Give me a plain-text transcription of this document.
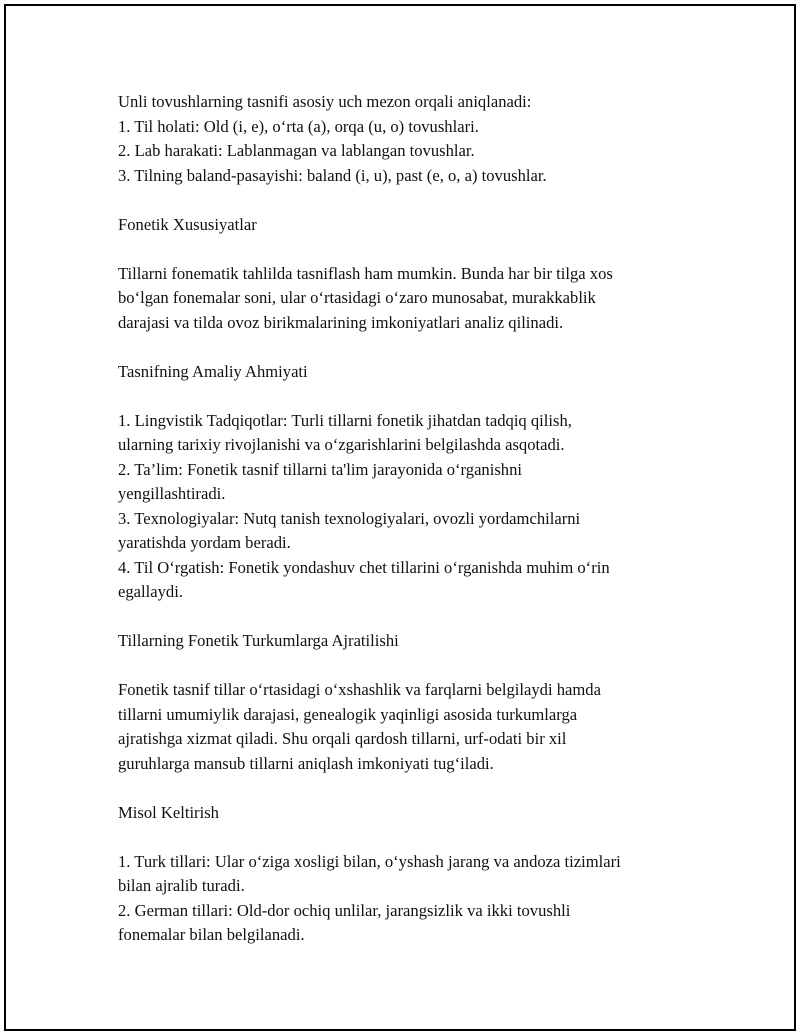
Unli tovushlarning tasnifi asosiy uch mezon orqali aniqlanadi:
1. Til holati: Old (i, e), o‘rta (a), orqa (u, o) tovushlari.
2. Lab harakati: Lablanmagan va lablangan tovushlar.
3. Tilning baland-pasayishi: baland (i, u), past (e, o, a) tovushlar.
Fonetik Xususiyatlar
Tillarni fonematik tahlilda tasniflash ham mumkin. Bunda har bir tilga xos
bo‘lgan fonemalar soni, ular o‘rtasidagi o‘zaro munosabat, murakkablik
darajasi va tilda ovoz birikmalarining imkoniyatlari analiz qilinadi.
Tasnifning Amaliy Ahmiyati
1. Lingvistik Tadqiqotlar: Turli tillarni fonetik jihatdan tadqiq qilish,
ularning tarixiy rivojlanishi va o‘zgarishlarini belgilashda asqotadi.
2. Ta’lim: Fonetik tasnif tillarni ta'lim jarayonida o‘rganishni
yengillashtiradi.
3. Texnologiyalar: Nutq tanish texnologiyalari, ovozli yordamchilarni
yaratishda yordam beradi.
4. Til O‘rgatish: Fonetik yondashuv chet tillarini o‘rganishda muhim o‘rin
egallaydi.
Tillarning Fonetik Turkumlarga Ajratilishi
Fonetik tasnif tillar o‘rtasidagi o‘xshashlik va farqlarni belgilaydi hamda
tillarni umumiylik darajasi, genealogik yaqinligi asosida turkumlarga
ajratishga xizmat qiladi. Shu orqali qardosh tillarni, urf-odati bir xil
guruhlarga mansub tillarni aniqlash imkoniyati tug‘iladi.
Misol Keltirish
1. Turk tillari: Ular o‘ziga xosligi bilan, o‘yshash jarang va andoza tizimlari
bilan ajralib turadi.
2. German tillari: Old-dor ochiq unlilar, jarangsizlik va ikki tovushli
fonemalar bilan belgilanadi.
